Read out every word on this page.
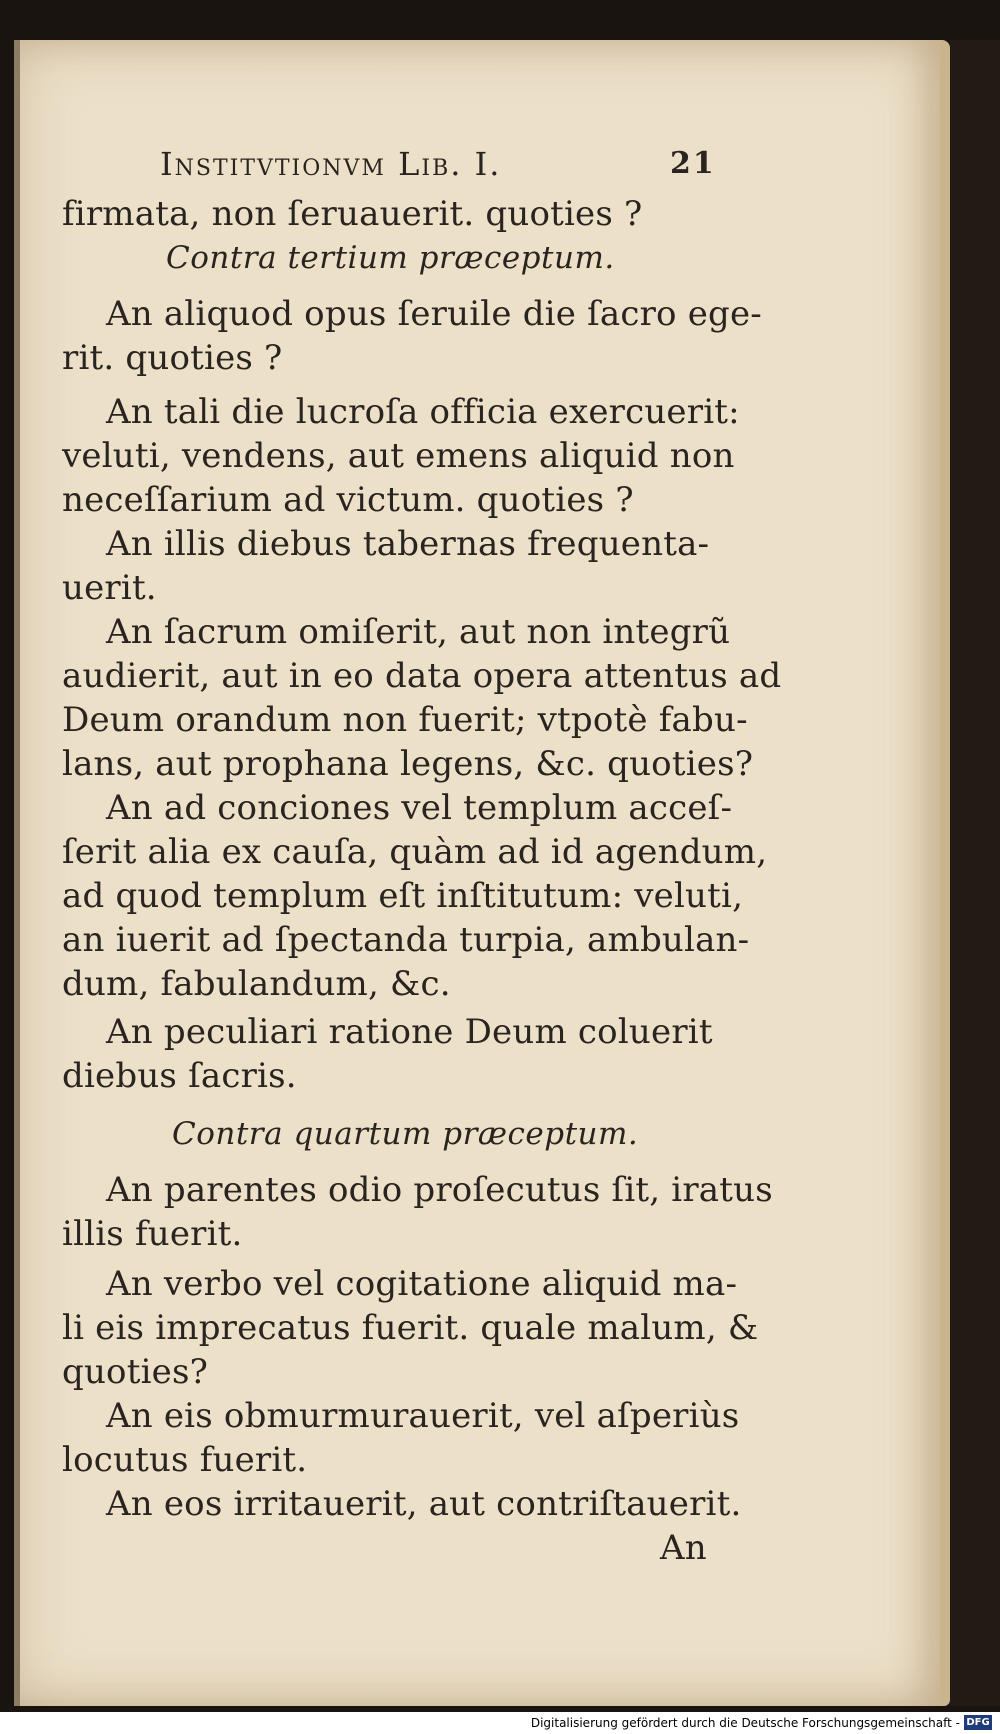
Institvtionvm Lib. I.	21
firmata, non ſeruauerit. quoties ?
Contra tertium præceptum.
An aliquod opus ſeruile die ſacro ege-
rit. quoties ?
An tali die lucroſa officia exercuerit:
veluti, vendens, aut emens aliquid non
neceſſarium ad victum. quoties ?
An illis diebus tabernas frequenta-
uerit.
An ſacrum omiſerit, aut non integrũ
audierit, aut in eo data opera attentus ad
Deum orandum non fuerit; vtpotè fabu-
lans, aut prophana legens, &c. quoties?
An ad conciones vel templum acceſ-
ſerit alia ex cauſa, quàm ad id agendum,
ad quod templum eſt inſtitutum: veluti,
an iuerit ad ſpectanda turpia, ambulan-
dum, fabulandum, &c.
An peculiari ratione Deum coluerit
diebus ſacris.
Contra quartum præceptum.
An parentes odio proſecutus ſit, iratus
illis fuerit.
An verbo vel cogitatione aliquid ma-
li eis imprecatus fuerit. quale malum, &
quoties?
An eis obmurmurauerit, vel aſperiùs
locutus fuerit.
An eos irritauerit, aut contriſtauerit.
An
Digitalisierung gefördert durch die Deutsche Forschungsgemeinschaft - DFG
